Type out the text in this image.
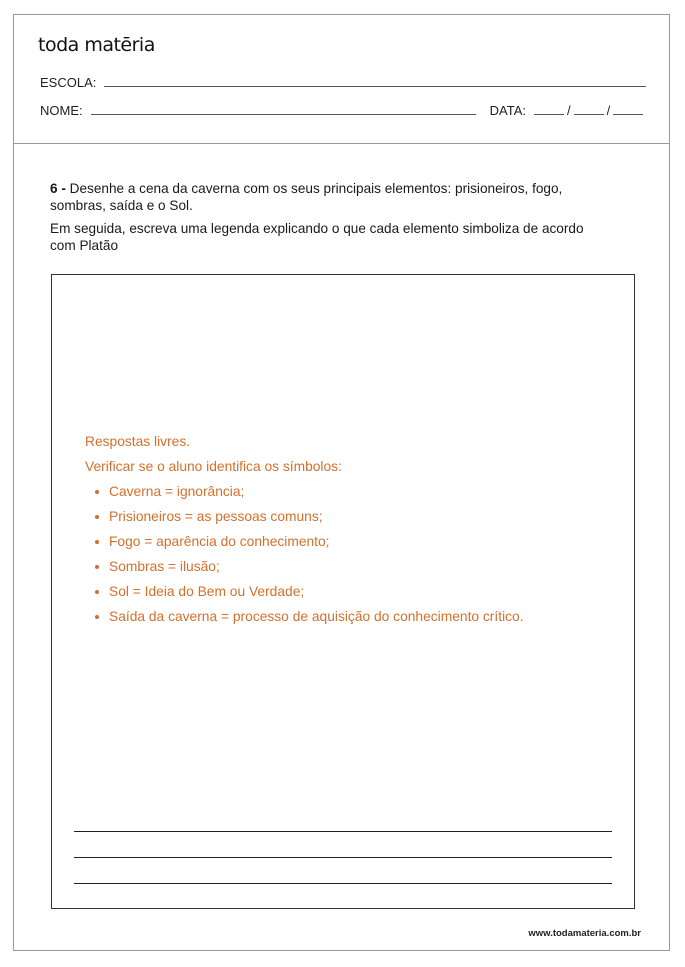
toda matēria
ESCOLA:
NOME:	DATA:	/	/

6 - Desenhe a cena da caverna com os seus principais elementos: prisioneiros, fogo, sombras, saída e o Sol.

Em seguida, escreva uma legenda explicando o que cada elemento simboliza de acordo com Platão

Respostas livres.

Verificar se o aluno identifica os símbolos:

Caverna = ignorância;
Prisioneiros = as pessoas comuns;
Fogo = aparência do conhecimento;
Sombras = ilusão;
Sol = Ideia do Bem ou Verdade;
Saída da caverna = processo de aquisição do conhecimento crítico.
www.todamateria.com.br
